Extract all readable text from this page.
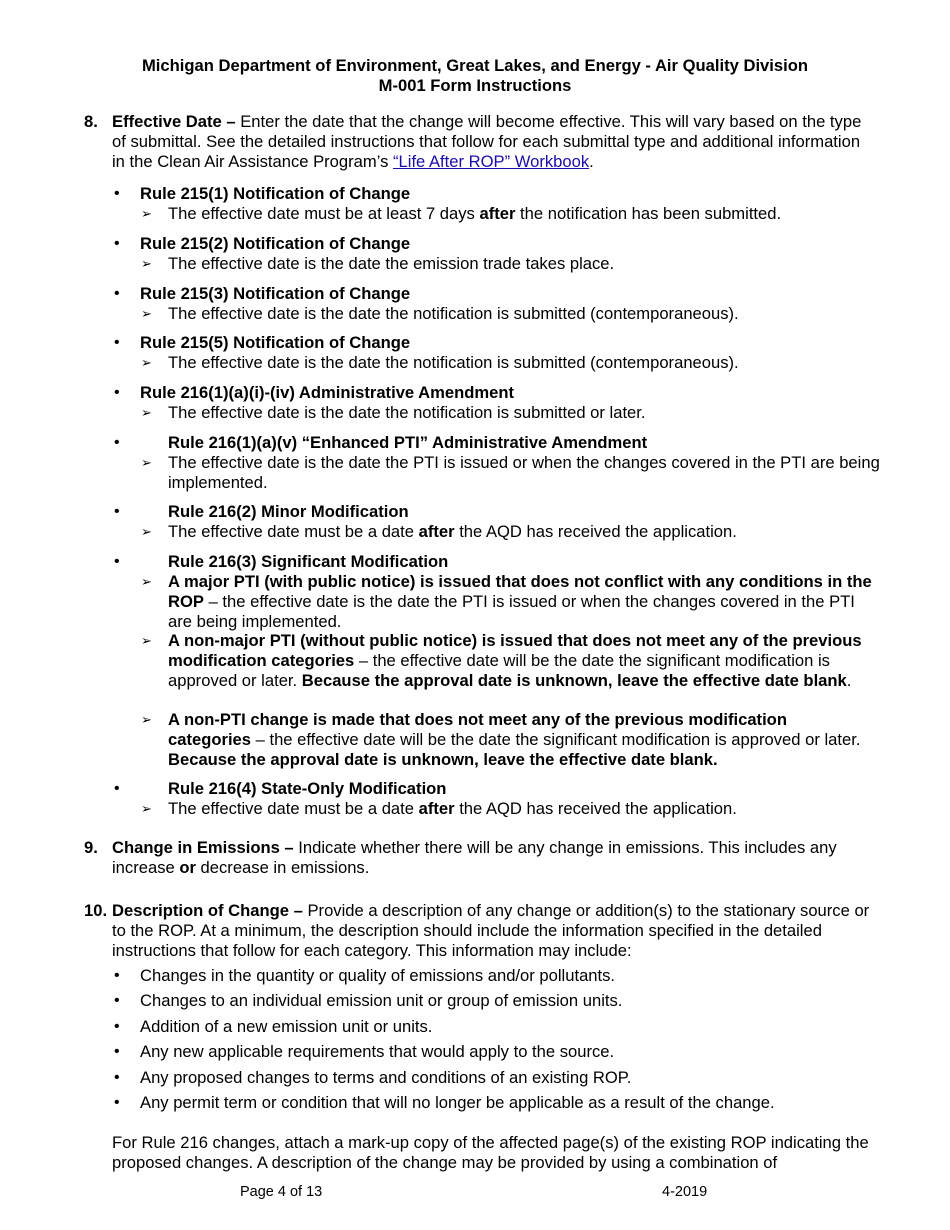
Michigan Department of Environment, Great Lakes, and Energy - Air Quality Division
M-001 Form Instructions
8. Effective Date – Enter the date that the change will become effective. This will vary based on the type of submittal. See the detailed instructions that follow for each submittal type and additional information in the Clean Air Assistance Program’s “Life After ROP” Workbook.

• Rule 215(1) Notification of Change
➢ The effective date must be at least 7 days after the notification has been submitted.

• Rule 215(2) Notification of Change
➢ The effective date is the date the emission trade takes place.

• Rule 215(3) Notification of Change
➢ The effective date is the date the notification is submitted (contemporaneous).

• Rule 215(5) Notification of Change
➢ The effective date is the date the notification is submitted (contemporaneous).

• Rule 216(1)(a)(i)-(iv) Administrative Amendment
➢ The effective date is the date the notification is submitted or later.

•	Rule 216(1)(a)(v) “Enhanced PTI” Administrative Amendment
➢ The effective date is the date the PTI is issued or when the changes covered in the PTI are being implemented.

•	Rule 216(2) Minor Modification
➢ The effective date must be a date after the AQD has received the application.

•	Rule 216(3) Significant Modification
➢ A major PTI (with public notice) is issued that does not conflict with any conditions in the ROP – the effective date is the date the PTI is issued or when the changes covered in the PTI are being implemented.

➢ A non-major PTI (without public notice) is issued that does not meet any of the previous modification categories – the effective date will be the date the significant modification is approved or later. Because the approval date is unknown, leave the effective date blank.

➢ A non-PTI change is made that does not meet any of the previous modification categories – the effective date will be the date the significant modification is approved or later. Because the approval date is unknown, leave the effective date blank.

•	Rule 216(4) State-Only Modification
➢ The effective date must be a date after the AQD has received the application.

9. Change in Emissions – Indicate whether there will be any change in emissions. This includes any increase or decrease in emissions.

10. Description of Change – Provide a description of any change or addition(s) to the stationary source or to the ROP. At a minimum, the description should include the information specified in the detailed instructions that follow for each category. This information may include:

• Changes in the quantity or quality of emissions and/or pollutants.
• Changes to an individual emission unit or group of emission units.
• Addition of a new emission unit or units.
• Any new applicable requirements that would apply to the source.
• Any proposed changes to terms and conditions of an existing ROP.
• Any permit term or condition that will no longer be applicable as a result of the change.

For Rule 216 changes, attach a mark-up copy of the affected page(s) of the existing ROP indicating the proposed changes. A description of the change may be provided by using a combination of

Page 4 of 13	4-2019
